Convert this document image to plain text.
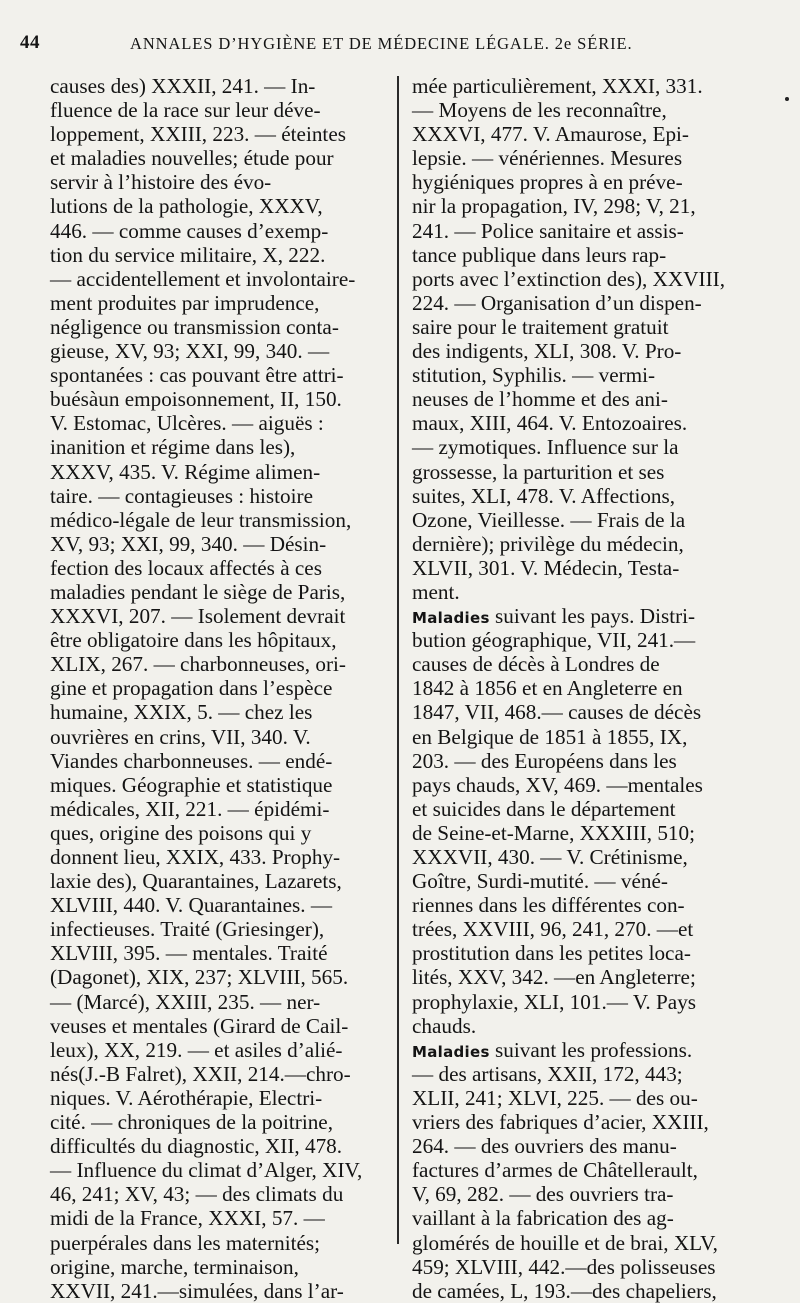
44	ANNALES D’HYGIÈNE ET DE MÉDECINE LÉGALE. 2e SÉRIE.
causes des) XXXII, 241. — In-
fluence de la race sur leur déve-
loppement, XXIII, 223. — éteintes
et maladies nouvelles; étude pour
servir à l’histoire des évo-
lutions de la pathologie, XXXV,
446. — comme causes d’exemp-
tion du service militaire, X, 222.
— accidentellement et involontaire-
ment produites par imprudence,
négligence ou transmission conta-
gieuse, XV, 93; XXI, 99, 340. —
spontanées : cas pouvant être attri-
buésàun empoisonnement, II, 150.
V. Estomac, Ulcères. — aiguës :
inanition et régime dans les),
XXXV, 435. V. Régime alimen-
taire. — contagieuses : histoire
médico-légale de leur transmission,
XV, 93; XXI, 99, 340. — Désin-
fection des locaux affectés à ces
maladies pendant le siège de Paris,
XXXVI, 207. — Isolement devrait
être obligatoire dans les hôpitaux,
XLIX, 267. — charbonneuses, ori-
gine et propagation dans l’espèce
humaine, XXIX, 5. — chez les
ouvrières en crins, VII, 340. V.
Viandes charbonneuses. — endé-
miques. Géographie et statistique
médicales, XII, 221. — épidémi-
ques, origine des poisons qui y
donnent lieu, XXIX, 433. Prophy-
laxie des), Quarantaines, Lazarets,
XLVIII, 440. V. Quarantaines. —
infectieuses. Traité (Griesinger),
XLVIII, 395. — mentales. Traité
(Dagonet), XIX, 237; XLVIII, 565.
— (Marcé), XXIII, 235. — ner-
veuses et mentales (Girard de Cail-
leux), XX, 219. — et asiles d’alié-
nés(J.-B Falret), XXII, 214.—chro-
niques. V. Aérothérapie, Electri-
cité. — chroniques de la poitrine,
difficultés du diagnostic, XII, 478.
— Influence du climat d’Alger, XIV,
46, 241; XV, 43; — des climats du
midi de la France, XXXI, 57. —
puerpérales dans les maternités;
origine, marche, terminaison,
XXVII, 241.—simulées, dans l’ar-
mée particulièrement, XXXI, 331.
— Moyens de les reconnaître,
XXXVI, 477. V. Amaurose, Epi-
lepsie. — vénériennes. Mesures
hygiéniques propres à en préve-
nir la propagation, IV, 298; V, 21,
241. — Police sanitaire et assis-
tance publique dans leurs rap-
ports avec l’extinction des), XXVIII,
224. — Organisation d’un dispen-
saire pour le traitement gratuit
des indigents, XLI, 308. V. Pro-
stitution, Syphilis. — vermi-
neuses de l’homme et des ani-
maux, XIII, 464. V. Entozoaires.
— zymotiques. Influence sur la
grossesse, la parturition et ses
suites, XLI, 478. V. Affections,
Ozone, Vieillesse. — Frais de la
dernière); privilège du médecin,
XLVII, 301. V. Médecin, Testa-
ment.
Maladies suivant les pays. Distri-
bution géographique, VII, 241.—
causes de décès à Londres de
1842 à 1856 et en Angleterre en
1847, VII, 468.— causes de décès
en Belgique de 1851 à 1855, IX,
203. — des Européens dans les
pays chauds, XV, 469. —mentales
et suicides dans le département
de Seine-et-Marne, XXXIII, 510;
XXXVII, 430. — V. Crétinisme,
Goître, Surdi-mutité. — véné-
riennes dans les différentes con-
trées, XXVIII, 96, 241, 270. —et
prostitution dans les petites loca-
lités, XXV, 342. —en Angleterre;
prophylaxie, XLI, 101.— V. Pays
chauds.
Maladies suivant les professions.
— des artisans, XXII, 172, 443;
XLII, 241; XLVI, 225. — des ou-
vriers des fabriques d’acier, XXIII,
264. — des ouvriers des manu-
factures d’armes de Châtellerault,
V, 69, 282. — des ouvriers tra-
vaillant à la fabrication des ag-
glomérés de houille et de brai, XLV,
459; XLVIII, 442.—des polisseuses
de camées, L, 193.—des chapeliers,
